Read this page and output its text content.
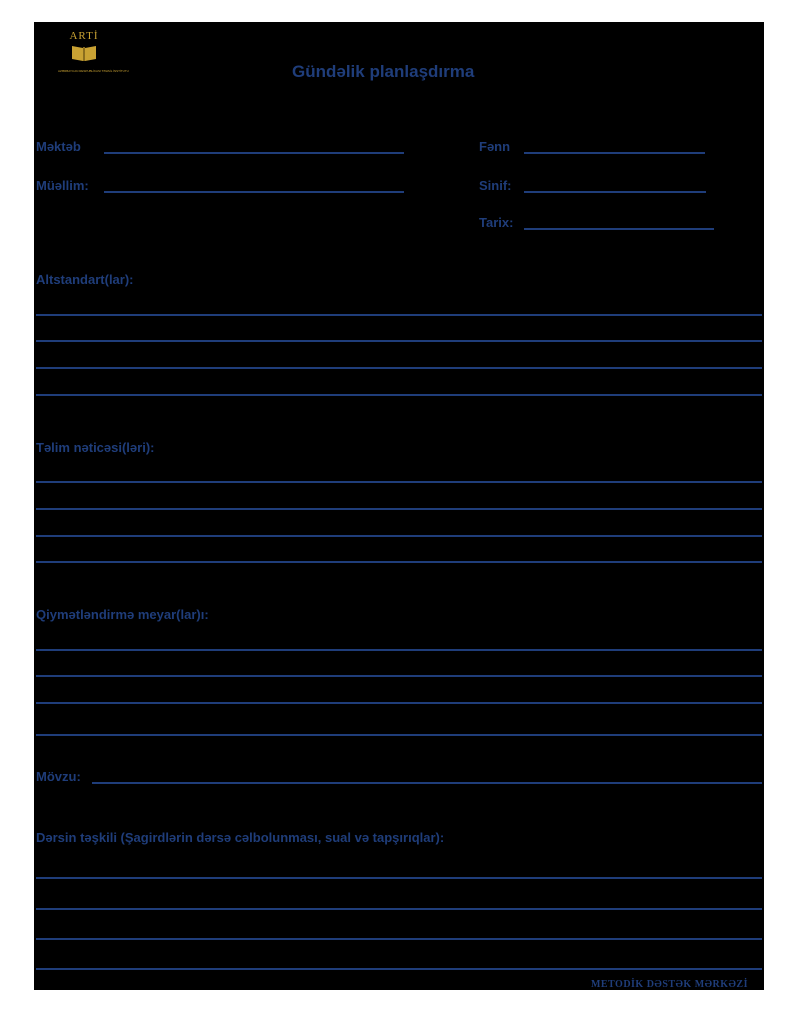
ARTİ
AZƏRBAYCAN RESPUBLİKASI TƏHSİL İNSTİTUTU	Gündəlik planlaşdırma
Məktəb	Fənn
Müəllim:	Sinif:
Tarix:
Altstandart(lar):
Təlim nəticəsi(ləri):
Qiymətləndirmə meyar(lar)ı:
Mövzu:
Dərsin təşkili (Şagirdlərin dərsə cəlbolunması, sual və tapşırıqlar):
METODİK DƏSTƏK MƏRKƏZİ
